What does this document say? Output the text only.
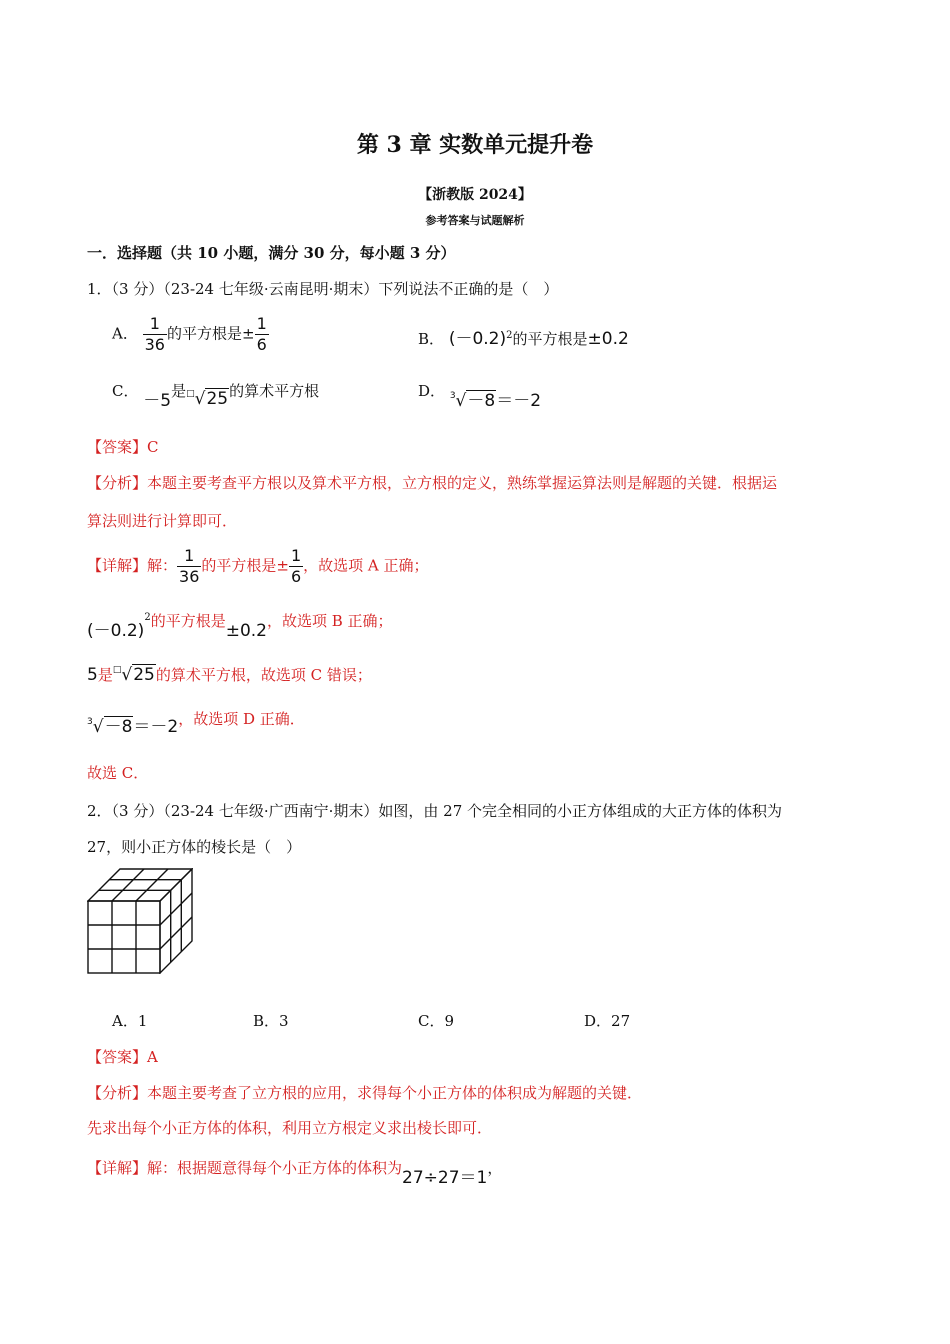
第 3 章 实数单元提升卷
【浙教版 2024】
参考答案与试题解析
一．选择题（共 10 小题，满分 30 分，每小题 3 分）
1．（3 分）（23-24 七年级·云南昆明·期末）下列说法不正确的是（　）
A． $\frac{1}{36}$ 的平方根是± $\frac{1}{6}$	B． $(-0.2)^2$的平方根是±0.2
C． －5是□√25的算术平方根	D． $^3$√－8＝－2
【答案】C
【分析】本题主要考查平方根以及算术平方根，立方根的定义，熟练掌握运算法则是解题的关键．根据运
算法则进行计算即可．
【详解】解： $\frac{1}{36}$ 的平方根是± $\frac{1}{6}$ ，故选项 A 正确；
$(-0.2)^2$的平方根是±0.2，故选项 B 正确；
5是□√25的算术平方根，故选项 C 错误；
$^3$√－8＝－2，故选项 D 正确．
故选 C．
2．（3 分）（23-24 七年级·广西南宁·期末）如图，由 27 个完全相同的小正方体组成的大正方体的体积为
27，则小正方体的棱长是（　）
A．1	B．3	C．9	D．27
【答案】A
【分析】本题主要考查了立方根的应用，求得每个小正方体的体积成为解题的关键．
先求出每个小正方体的体积，利用立方根定义求出棱长即可．
【详解】解：根据题意得每个小正方体的体积为27÷27＝1，
